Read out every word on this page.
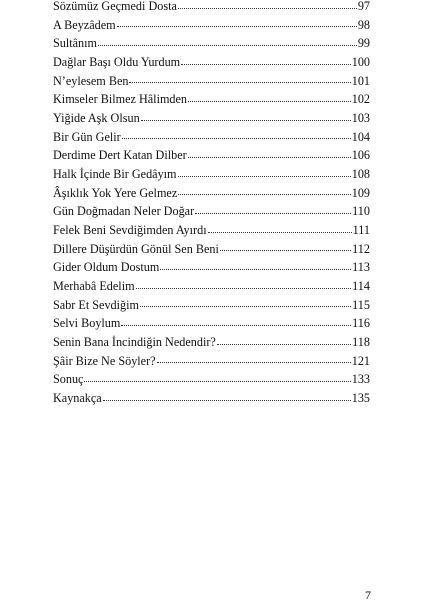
Sözümüz Geçmedi Dosta	97
A Beyzâdem	98
Sultânım	99
Dağlar Başı Oldu Yurdum	100
N’eylesem Ben	101
Kimseler Bilmez Hâlimden	102
Yiğide Aşk Olsun	103
Bir Gün Gelir	104
Derdime Dert Katan Dilber	106
Halk İçinde Bir Gedâyım	108
Âşıklık Yok Yere Gelmez	109
Gün Doğmadan Neler Doğar	110
Felek Beni Sevdiğimden Ayırdı	111
Dillere Düşürdün Gönül Sen Beni	112
Gider Oldum Dostum	113
Merhabâ Edelim	114
Sabr Et Sevdiğim	115
Selvi Boylum	116
Senin Bana İncindiğin Nedendir?	118
Şâir Bize Ne Söyler?	121
Sonuç	133
Kaynakça	135
7
